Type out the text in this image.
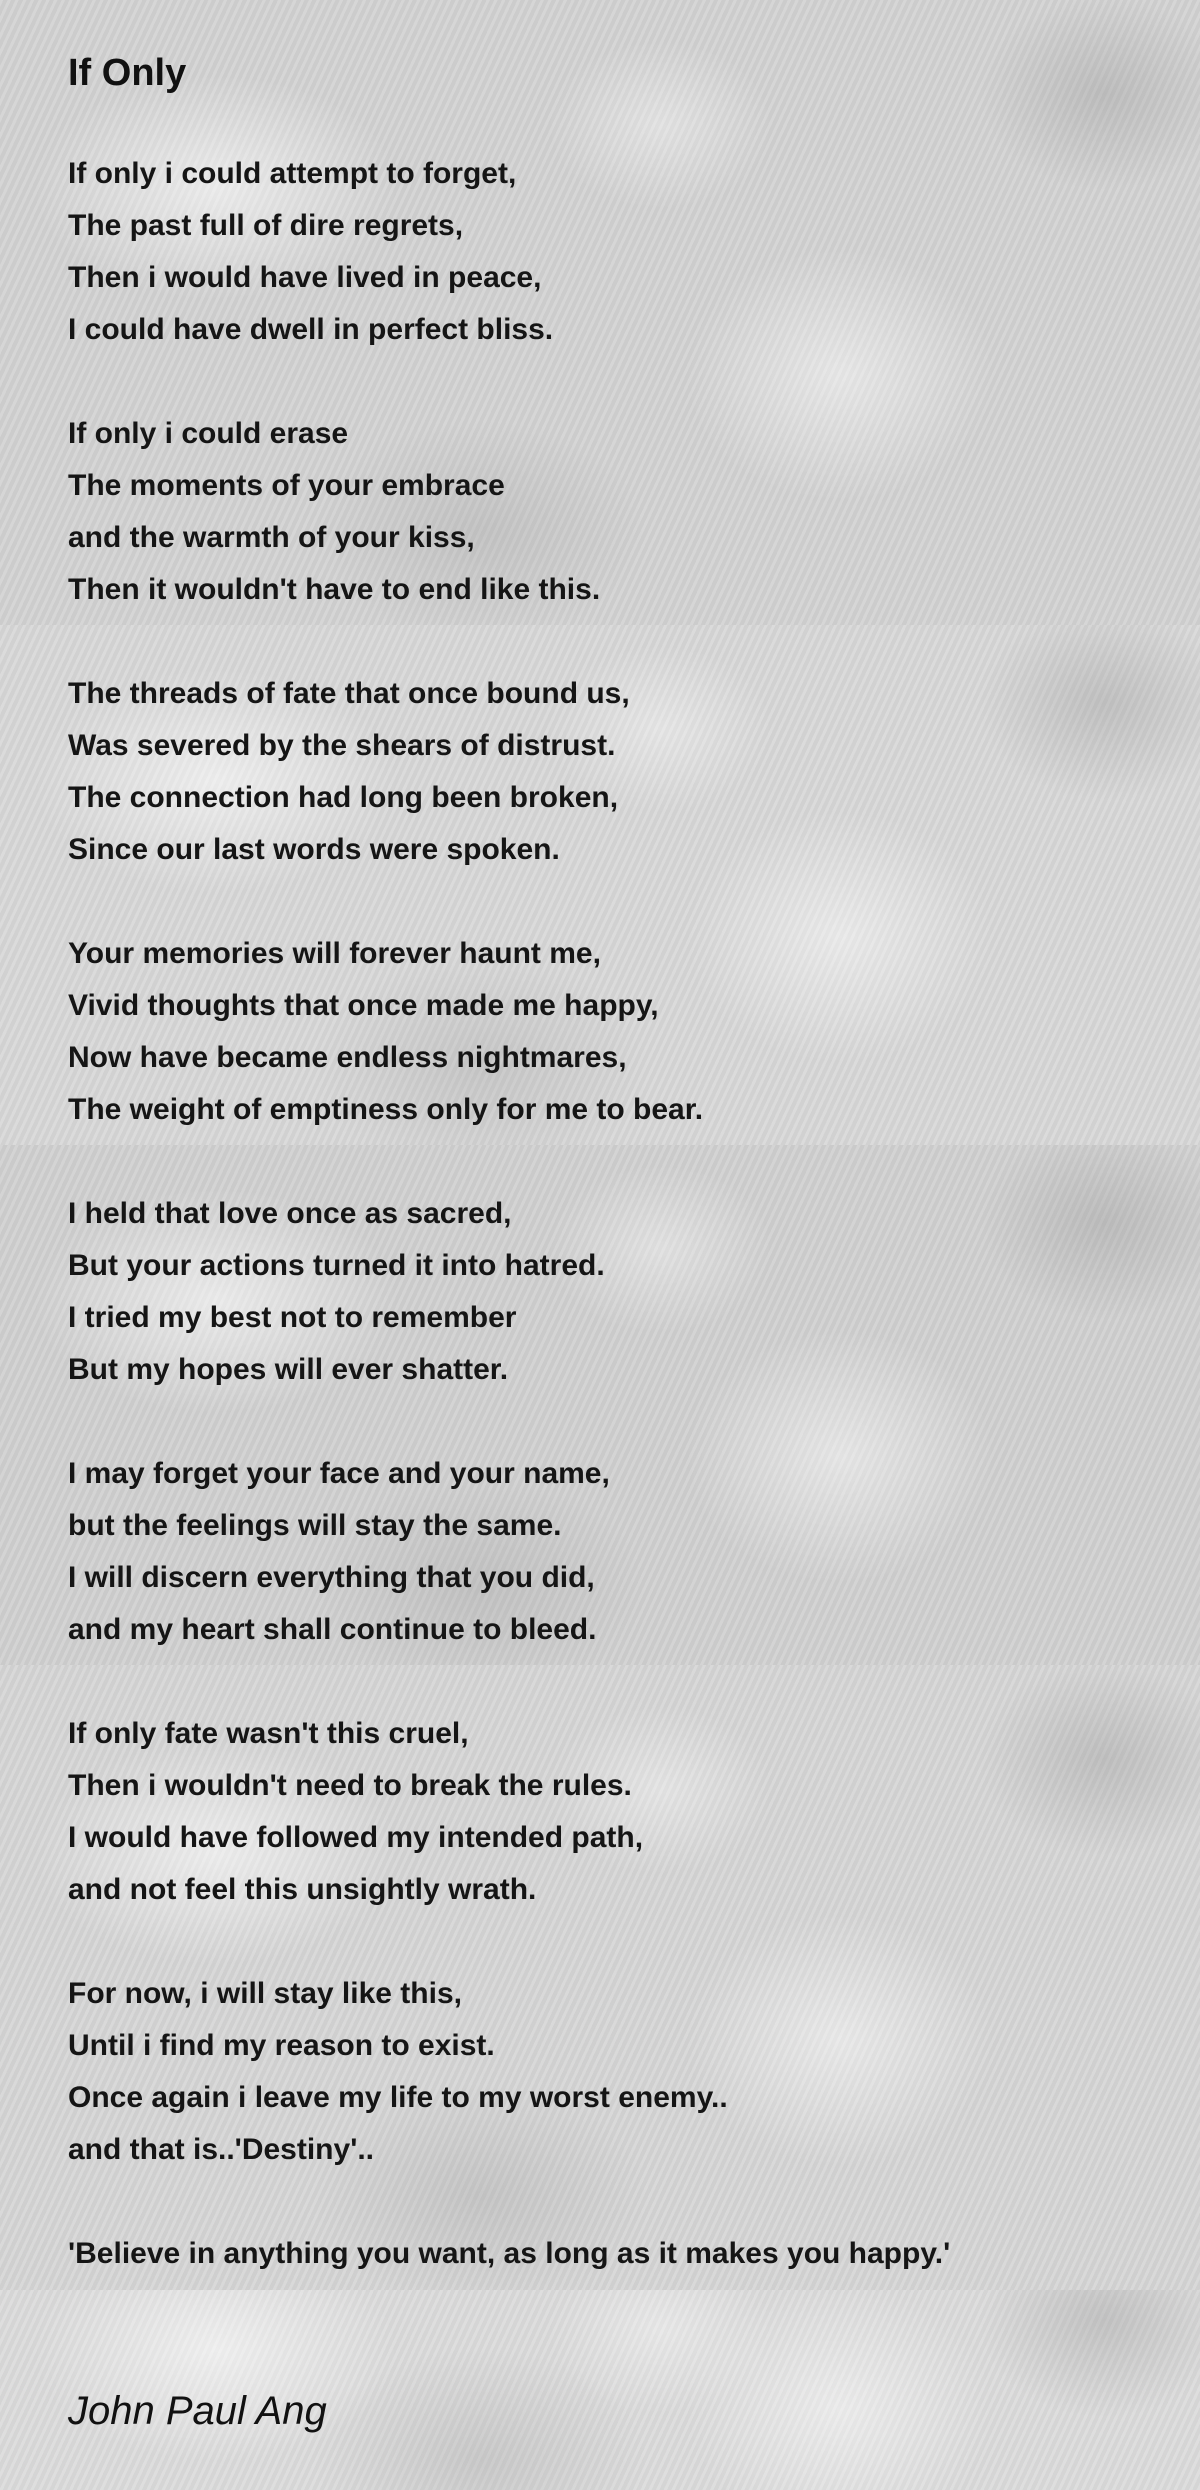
If Only
If only i could attempt to forget,
The past full of dire regrets,
Then i would have lived in peace,
I could have dwell in perfect bliss.
If only i could erase
The moments of your embrace
and the warmth of your kiss,
Then it wouldn't have to end like this.
The threads of fate that once bound us,
Was severed by the shears of distrust.
The connection had long been broken,
Since our last words were spoken.
Your memories will forever haunt me,
Vivid thoughts that once made me happy,
Now have became endless nightmares,
The weight of emptiness only for me to bear.
I held that love once as sacred,
But your actions turned it into hatred.
I tried my best not to remember
But my hopes will ever shatter.
I may forget your face and your name,
but the feelings will stay the same.
I will discern everything that you did,
and my heart shall continue to bleed.
If only fate wasn't this cruel,
Then i wouldn't need to break the rules.
I would have followed my intended path,
and not feel this unsightly wrath.
For now, i will stay like this,
Until i find my reason to exist.
Once again i leave my life to my worst enemy..
and that is..'Destiny'..
'Believe in anything you want, as long as it makes you happy.'

John Paul Ang
